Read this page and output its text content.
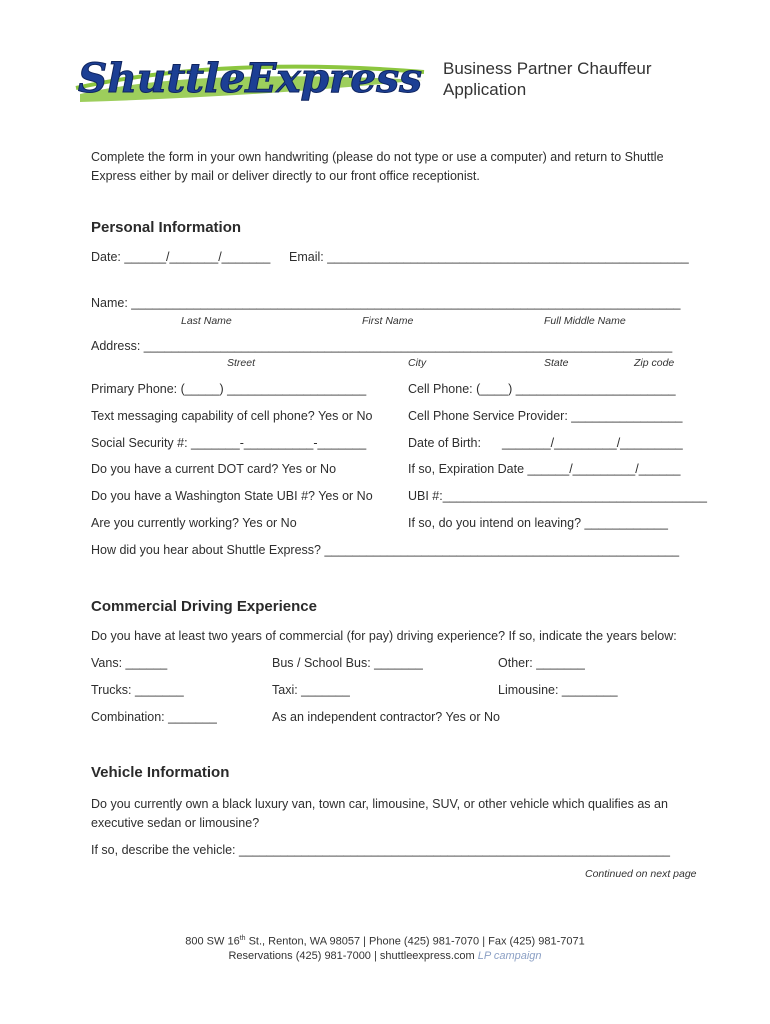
ShuttleExpress Business Partner Chauffeur
Application
Complete the form in your own handwriting (please do not type or use a computer) and return to Shuttle
Express either by mail or deliver directly to our front office receptionist.
Personal Information
Date: ______/_______/_______ Email: ____________________________________________________
Name: _______________________________________________________________________________
Last Name	First Name	Full Middle Name
Address: ____________________________________________________________________________
Street	City	State	Zip code
Primary Phone: (_____) ____________________	Cell Phone: (____) _______________________
Text messaging capability of cell phone? Yes or No	Cell Phone Service Provider: ________________
Social Security #: _______-__________-_______	Date of Birth: _______/_________/_________
Do you have a current DOT card? Yes or No	If so, Expiration Date ______/_________/______
Do you have a Washington State UBI #? Yes or No	UBI #:______________________________________
Are you currently working? Yes or No	If so, do you intend on leaving? ____________
How did you hear about Shuttle Express? ___________________________________________________
Commercial Driving Experience
Do you have at least two years of commercial (for pay) driving experience? If so, indicate the years below:
Vans: ______	Bus / School Bus: _______	Other: _______
Trucks: _______	Taxi: _______	Limousine: ________
Combination: _______	As an independent contractor? Yes or No
Vehicle Information
Do you currently own a black luxury van, town car, limousine, SUV, or other vehicle which qualifies as an
executive sedan or limousine?
If so, describe the vehicle: ______________________________________________________________
Continued on next page
800 SW 16th St., Renton, WA 98057 | Phone (425) 981-7070 | Fax (425) 981-7071
Reservations (425) 981-7000 | shuttleexpress.com LP campaign
